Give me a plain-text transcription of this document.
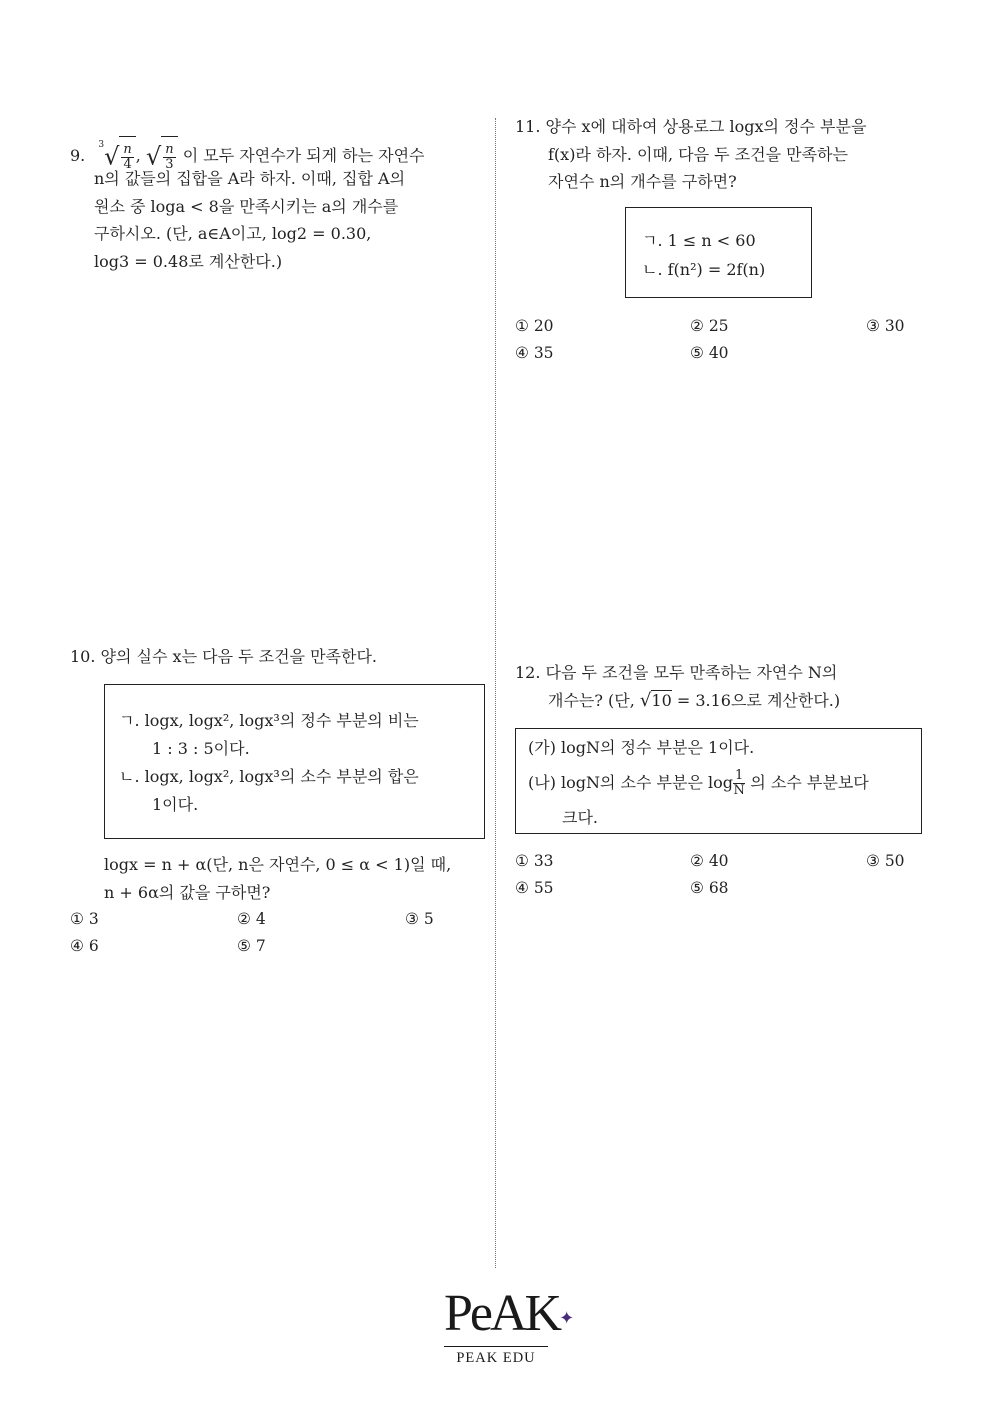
9. $^3√ \frac{n}{4}$ , √ $\frac{n}{3}$ 이 모두 자연수가 되게 하는 자연수
n의 값들의 집합을 A라 하자. 이때, 집합 A의
원소 중 loga < 8을 만족시키는 a의 개수를
구하시오. (단, a∈A이고, log2 = 0.30,
log3 = 0.48로 계산한다.)
11. 양수 x에 대하여 상용로그 logx의 정수 부분을
f(x)라 하자. 이때, 다음 두 조건을 만족하는
자연수 n의 개수를 구하면?
ㄱ. 1 ≤ n < 60
ㄴ. f(n²) = 2f(n)
① 20	② 25	③ 30
④ 35	⑤ 40
10. 양의 실수 x는 다음 두 조건을 만족한다.
ㄱ. logx, logx², logx³의 정수 부분의 비는
1 : 3 : 5이다.
ㄴ. logx, logx², logx³의 소수 부분의 합은
1이다.
logx = n + α(단, n은 자연수, 0 ≤ α < 1)일 때,
n + 6α의 값을 구하면?
① 3	② 4	③ 5
④ 6	⑤ 7
12. 다음 두 조건을 모두 만족하는 자연수 N의
개수는? (단, √10 = 3.16으로 계산한다.)
(가) logN의 정수 부분은 1이다.
(나) logN의 소수 부분은 $\log \frac{1}{N}$ 의 소수 부분보다
크다.
① 33	② 40	③ 50
④ 55	⑤ 68
PeAK✦
PEAK EDU
